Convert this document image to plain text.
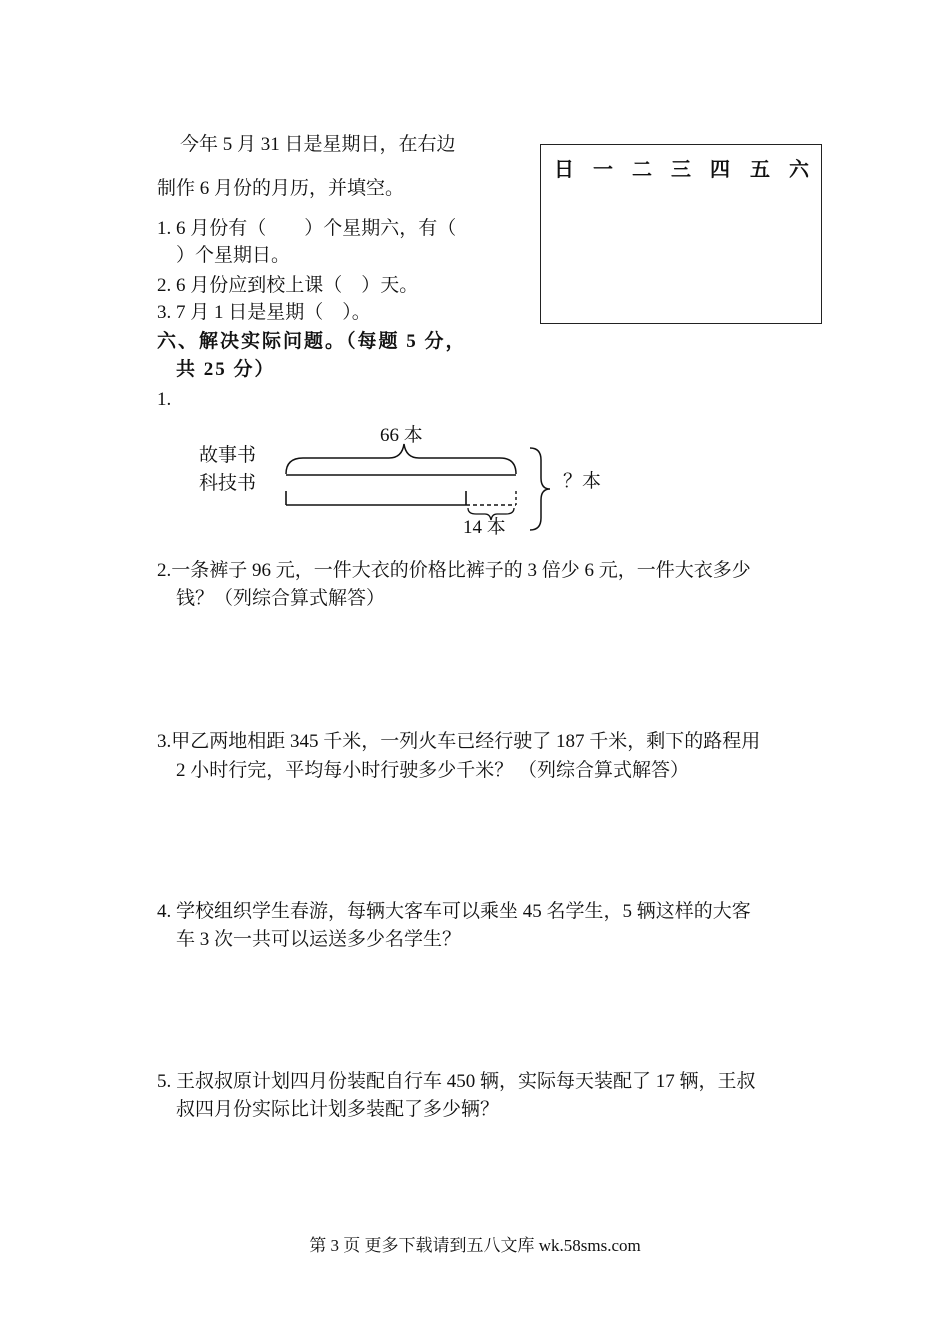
今年 5 月 31 日是星期日，在右边
制作 6 月份的月历，并填空。
1. 6 月份有（　　）个星期六，有（
）个星期日。
2. 6 月份应到校上课（　）天。
3. 7 月 1 日是星期（　）。
日 一 二 三 四 五 六
六、解决实际问题。（每题 5 分，
共 25 分）
1.
故事书
科技书
66 本
14 本
？本
2.一条裤子 96 元，一件大衣的价格比裤子的 3 倍少 6 元，一件大衣多少
钱？（列综合算式解答）
3.甲乙两地相距 345 千米，一列火车已经行驶了 187 千米，剩下的路程用
2 小时行完，平均每小时行驶多少千米？ （列综合算式解答）
4. 学校组织学生春游，每辆大客车可以乘坐 45 名学生，5 辆这样的大客
车 3 次一共可以运送多少名学生？
5. 王叔叔原计划四月份装配自行车 450 辆，实际每天装配了 17 辆，王叔
叔四月份实际比计划多装配了多少辆？
第 3 页 更多下载请到五八文库 wk.58sms.com
